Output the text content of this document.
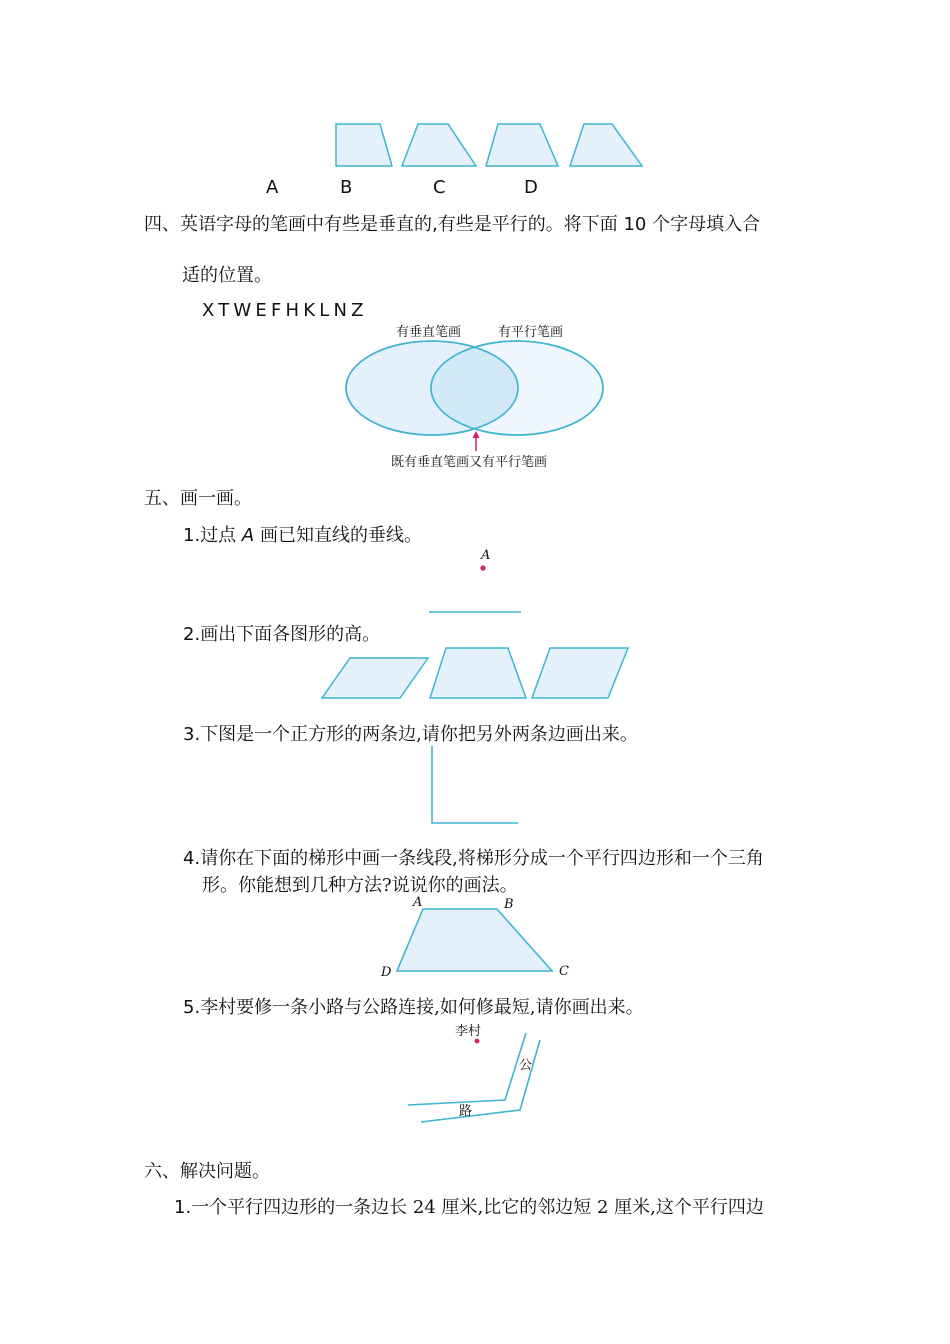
A	B	C	D
四、英语字母的笔画中有些是垂直的,有些是平行的。将下面 10 个字母填入合
适的位置。
XTWEFHKLNZ
有垂直笔画	有平行笔画
既有垂直笔画又有平行笔画
五、画一画。
1.过点 A 画已知直线的垂线。
A
2.画出下面各图形的高。
3.下图是一个正方形的两条边,请你把另外两条边画出来。
4.请你在下面的梯形中画一条线段,将梯形分成一个平行四边形和一个三角
形。你能想到几种方法?说说你的画法。
A	B
C
D
5.李村要修一条小路与公路连接,如何修最短,请你画出来。
李村
公
路
六、解决问题。
1.一个平行四边形的一条边长 24 厘米,比它的邻边短 2 厘米,这个平行四边
